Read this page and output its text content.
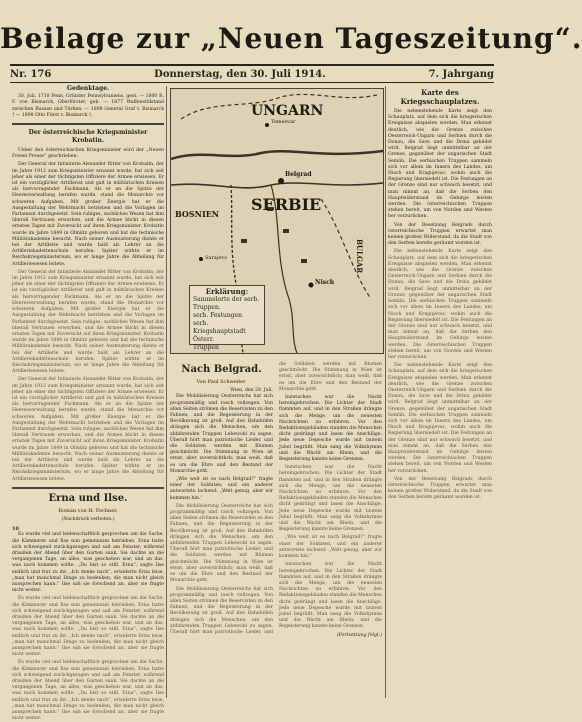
Beilage zur „Neuen Tageszeitung“.
Nr. 176	Donnerstag, den 30. Juli 1914.	7. Jahrgang
Gedenktage.

30. Juli. 1718 Penn, Gründer Pennsylvaniens, gest. — 1800 R. F. von Bismarck, Oberförster, geb. — 1877 Waffenstillstand zwischen Russen und Türken. — 1898 General Graf v. Bismarck † — 1898 Otto Fürst v. Bismarck †.

Der österreichische Kriegsminister Krobatin.

Ueber den österreichischen Kriegsminister wird der „Neuen Freien Presse“ geschrieben:

Der General der Infanterie Alexander Ritter von Krobatin, der im Jahre 1912 zum Kriegsminister ernannt wurde, hat sich seit jeher als einer der tüchtigsten Offiziere der Armee erwiesen. Er ist ein vorzüglicher Artillerist und galt in militärischen Kreisen als hervorragender Fachmann. Als er an die Spitze der Heeresverwaltung berufen wurde, stand die Monarchie vor schweren Aufgaben. Mit großer Energie hat er die Ausgestaltung der Wehrmacht betrieben und die Vorlagen im Parlament durchgesetzt. Sein ruhiges, sachliches Wesen hat ihm überall Vertrauen erworben, und die Armee blickt in diesen ernsten Tagen mit Zuversicht auf ihren Kriegsminister. Krobatin wurde im Jahre 1849 in Olmütz geboren und hat die technische Militärakademie besucht. Nach seiner Ausmusterung diente er bei der Artillerie und wurde bald als Lehrer an die Artilleriekadettenschule berufen. Später wirkte er im Reichskriegsministerium, wo er lange Jahre die Abteilung für Artilleriewesen leitete.

Der General der Infanterie Alexander Ritter von Krobatin, der im Jahre 1912 zum Kriegsminister ernannt wurde, hat sich seit jeher als einer der tüchtigsten Offiziere der Armee erwiesen. Er ist ein vorzüglicher Artillerist und galt in militärischen Kreisen als hervorragender Fachmann. Als er an die Spitze der Heeresverwaltung berufen wurde, stand die Monarchie vor schweren Aufgaben. Mit großer Energie hat er die Ausgestaltung der Wehrmacht betrieben und die Vorlagen im Parlament durchgesetzt. Sein ruhiges, sachliches Wesen hat ihm überall Vertrauen erworben, und die Armee blickt in diesen ernsten Tagen mit Zuversicht auf ihren Kriegsminister. Krobatin wurde im Jahre 1849 in Olmütz geboren und hat die technische Militärakademie besucht. Nach seiner Ausmusterung diente er bei der Artillerie und wurde bald als Lehrer an die Artilleriekadettenschule berufen. Später wirkte er im Reichskriegsministerium, wo er lange Jahre die Abteilung für Artilleriewesen leitete.

Der General der Infanterie Alexander Ritter von Krobatin, der im Jahre 1912 zum Kriegsminister ernannt wurde, hat sich seit jeher als einer der tüchtigsten Offiziere der Armee erwiesen. Er ist ein vorzüglicher Artillerist und galt in militärischen Kreisen als hervorragender Fachmann. Als er an die Spitze der Heeresverwaltung berufen wurde, stand die Monarchie vor schweren Aufgaben. Mit großer Energie hat er die Ausgestaltung der Wehrmacht betrieben und die Vorlagen im Parlament durchgesetzt. Sein ruhiges, sachliches Wesen hat ihm überall Vertrauen erworben, und die Armee blickt in diesen ernsten Tagen mit Zuversicht auf ihren Kriegsminister. Krobatin wurde im Jahre 1849 in Olmütz geboren und hat die technische Militärakademie besucht. Nach seiner Ausmusterung diente er bei der Artillerie und wurde bald als Lehrer an die Artilleriekadettenschule berufen. Später wirkte er im Reichskriegsministerium, wo er lange Jahre die Abteilung für Artilleriewesen leitete.

Erna und Ilse.
Roman von H. Fechner.
(Nachdruck verboten.)
10

Es wurde viel und leidenschaftlich gesprochen um die Sache, die Kämmerer und Ilse nun gemeinsam betrieben. Erna hatte sich schweigend zurückgezogen und saß am Fenster, während draußen der Abend über den Garten sank. Sie dachte an die vergangenen Tage, an alles, was geschehen war, und an das, was noch kommen sollte. „Du bist so still, Erna“, sagte Ilse endlich und trat zu ihr. „Ich denke nach“, erwiderte Erna leise, „man hat manchmal Dinge zu bedenken, die man nicht gleich aussprechen kann.“ Ilse sah sie forschend an, aber sie fragte nicht weiter.

Es wurde viel und leidenschaftlich gesprochen um die Sache, die Kämmerer und Ilse nun gemeinsam betrieben. Erna hatte sich schweigend zurückgezogen und saß am Fenster, während draußen der Abend über den Garten sank. Sie dachte an die vergangenen Tage, an alles, was geschehen war, und an das, was noch kommen sollte. „Du bist so still, Erna“, sagte Ilse endlich und trat zu ihr. „Ich denke nach“, erwiderte Erna leise, „man hat manchmal Dinge zu bedenken, die man nicht gleich aussprechen kann.“ Ilse sah sie forschend an, aber sie fragte nicht weiter.

Es wurde viel und leidenschaftlich gesprochen um die Sache, die Kämmerer und Ilse nun gemeinsam betrieben. Erna hatte sich schweigend zurückgezogen und saß am Fenster, während draußen der Abend über den Garten sank. Sie dachte an die vergangenen Tage, an alles, was geschehen war, und an das, was noch kommen sollte. „Du bist so still, Erna“, sagte Ilse endlich und trat zu ihr. „Ich denke nach“, erwiderte Erna leise, „man hat manchmal Dinge zu bedenken, die man nicht gleich aussprechen kann.“ Ilse sah sie forschend an, aber sie fragte nicht weiter.

UNGARN
SERBIE
BOSNIEN
BULGAR
Belgrad
Nisch
Temesvar
Sarajevo
Erklärung:
Sammelorte der serb.
Truppen.
serb. Festungen
serb. Kriegshauptstadt
Österr.
Truppen
Nach Belgrad.
Von Paul Schweder.
Wien, den 28. Juli.

Die Mobilisierung Oesterreichs hat sich programmäßig und rasch vollzogen. Von allen Seiten strömen die Reservisten zu den Fahnen, und die Begeisterung in der Bevölkerung ist groß. Auf den Bahnhöfen drängen sich die Menschen, um den abfahrenden Truppen Lebewohl zu sagen. Überall hört man patriotische Lieder, und die Soldaten werden mit Blumen geschmückt. Die Stimmung in Wien ist ernst, aber zuversichtlich; man weiß, daß es um die Ehre und den Bestand der Monarchie geht.

„Wie weit ist es nach Belgrad?“ fragte einer der Soldaten, und ein anderer antwortete lachend: „Weit genug, aber wir kommen hin.“

Die Mobilisierung Oesterreichs hat sich programmäßig und rasch vollzogen. Von allen Seiten strömen die Reservisten zu den Fahnen, und die Begeisterung in der Bevölkerung ist groß. Auf den Bahnhöfen drängen sich die Menschen, um den abfahrenden Truppen Lebewohl zu sagen. Überall hört man patriotische Lieder, und die Soldaten werden mit Blumen geschmückt. Die Stimmung in Wien ist ernst, aber zuversichtlich; man weiß, daß es um die Ehre und den Bestand der Monarchie geht.

Die Mobilisierung Oesterreichs hat sich programmäßig und rasch vollzogen. Von allen Seiten strömen die Reservisten zu den Fahnen, und die Begeisterung in der Bevölkerung ist groß. Auf den Bahnhöfen drängen sich die Menschen, um den abfahrenden Truppen Lebewohl zu sagen. Überall hört man patriotische Lieder, und die Soldaten werden mit Blumen geschmückt. Die Stimmung in Wien ist ernst, aber zuversichtlich; man weiß, daß es um die Ehre und den Bestand der Monarchie geht.

Inzwischen war die Nacht hereingebrochen. Die Lichter der Stadt flammten auf, und in den Straßen drängte sich die Menge, um die neuesten Nachrichten zu erfahren. Vor den Redaktionsgebäuden standen die Menschen dicht gedrängt und lasen die Anschläge. Jede neue Depesche wurde mit lautem Jubel begrüßt. Man sang die Volkshymne und die Wacht am Rhein, und die Begeisterung kannte keine Grenzen.

Inzwischen war die Nacht hereingebrochen. Die Lichter der Stadt flammten auf, und in den Straßen drängte sich die Menge, um die neuesten Nachrichten zu erfahren. Vor den Redaktionsgebäuden standen die Menschen dicht gedrängt und lasen die Anschläge. Jede neue Depesche wurde mit lautem Jubel begrüßt. Man sang die Volkshymne und die Wacht am Rhein, und die Begeisterung kannte keine Grenzen.

„Wie weit ist es nach Belgrad?“ fragte einer der Soldaten, und ein anderer antwortete lachend: „Weit genug, aber wir kommen hin.“

Inzwischen war die Nacht hereingebrochen. Die Lichter der Stadt flammten auf, und in den Straßen drängte sich die Menge, um die neuesten Nachrichten zu erfahren. Vor den Redaktionsgebäuden standen die Menschen dicht gedrängt und lasen die Anschläge. Jede neue Depesche wurde mit lautem Jubel begrüßt. Man sang die Volkshymne und die Wacht am Rhein, und die Begeisterung kannte keine Grenzen.

(Fortsetzung folgt.)
Karte des Kriegsschauplatzes.

Die nebenstehende Karte zeigt den Schauplatz, auf dem sich die kriegerischen Ereignisse abspielen werden. Man erkennt deutlich, wie die Grenze zwischen Oesterreich-Ungarn und Serbien durch die Donau, die Save und die Drina gebildet wird. Belgrad liegt unmittelbar an der Grenze, gegenüber der ungarischen Stadt Semlin. Die serbischen Truppen sammeln sich vor allem im Innern des Landes, um Nisch und Kragujevac, wohin auch die Regierung übersiedelt ist. Die Festungen an der Grenze sind nur schwach besetzt, und man nimmt an, daß die Serben den Hauptwiderstand im Gebirge leisten werden. Die österreichischen Truppen stehen bereit, um von Norden und Westen her vorzurücken.

Von der Besetzung Belgrads durch österreichische Truppen erwartet man keinen großen Widerstand, da die Stadt von den Serben bereits geräumt worden ist.

Die nebenstehende Karte zeigt den Schauplatz, auf dem sich die kriegerischen Ereignisse abspielen werden. Man erkennt deutlich, wie die Grenze zwischen Oesterreich-Ungarn und Serbien durch die Donau, die Save und die Drina gebildet wird. Belgrad liegt unmittelbar an der Grenze, gegenüber der ungarischen Stadt Semlin. Die serbischen Truppen sammeln sich vor allem im Innern des Landes, um Nisch und Kragujevac, wohin auch die Regierung übersiedelt ist. Die Festungen an der Grenze sind nur schwach besetzt, und man nimmt an, daß die Serben den Hauptwiderstand im Gebirge leisten werden. Die österreichischen Truppen stehen bereit, um von Norden und Westen her vorzurücken.

Die nebenstehende Karte zeigt den Schauplatz, auf dem sich die kriegerischen Ereignisse abspielen werden. Man erkennt deutlich, wie die Grenze zwischen Oesterreich-Ungarn und Serbien durch die Donau, die Save und die Drina gebildet wird. Belgrad liegt unmittelbar an der Grenze, gegenüber der ungarischen Stadt Semlin. Die serbischen Truppen sammeln sich vor allem im Innern des Landes, um Nisch und Kragujevac, wohin auch die Regierung übersiedelt ist. Die Festungen an der Grenze sind nur schwach besetzt, und man nimmt an, daß die Serben den Hauptwiderstand im Gebirge leisten werden. Die österreichischen Truppen stehen bereit, um von Norden und Westen her vorzurücken.

Von der Besetzung Belgrads durch österreichische Truppen erwartet man keinen großen Widerstand, da die Stadt von den Serben bereits geräumt worden ist.
